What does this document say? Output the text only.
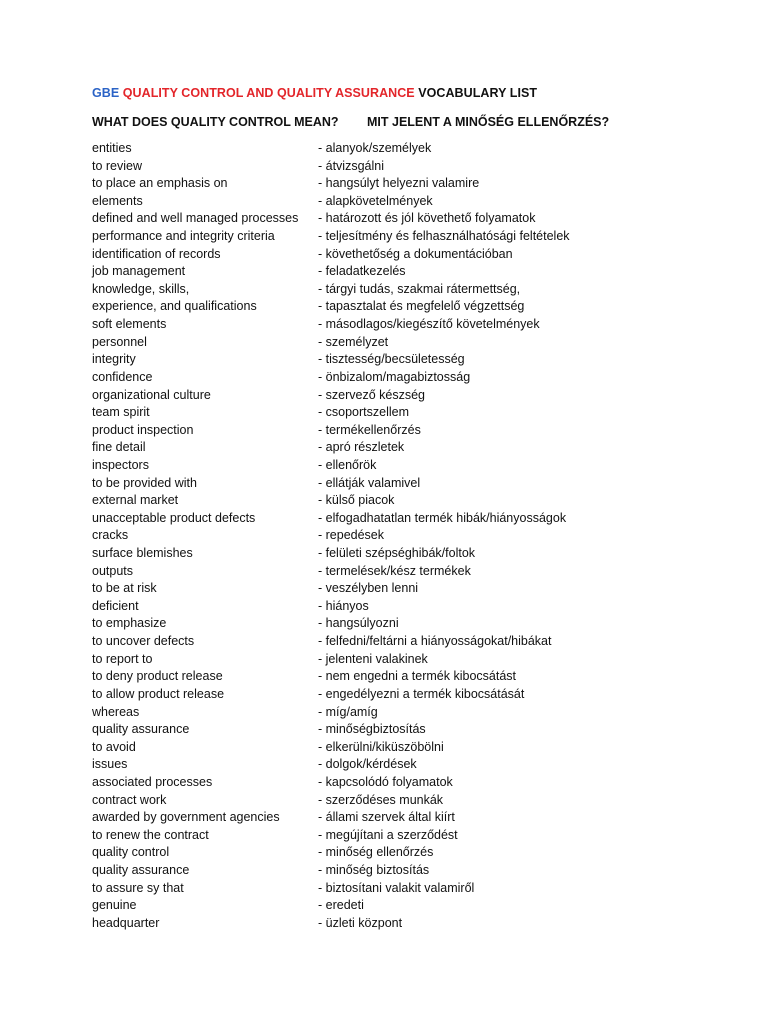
GBE QUALITY CONTROL AND QUALITY ASSURANCE VOCABULARY LIST
WHAT DOES QUALITY CONTROL MEAN? MIT JELENT A MINŐSÉG ELLENŐRZÉS?
entities	- alanyok/személyek
to review	- átvizsgálni
to place an emphasis on	- hangsúlyt helyezni valamire
elements	- alapkövetelmények
defined and well managed processes - határozott és jól követhető folyamatok
performance and integrity criteria	- teljesítmény és felhasználhatósági feltételek
identification of records	- követhetőség a dokumentációban
job management	- feladatkezelés
knowledge, skills,	- tárgyi tudás, szakmai rátermettség,
experience, and qualifications	- tapasztalat és megfelelő végzettség
soft elements	- másodlagos/kiegészítő követelmények
personnel	- személyzet
integrity	- tisztesség/becsületesség
confidence	- önbizalom/magabiztosság
organizational culture	- szervező készség
team spirit	- csoportszellem
product inspection	- termékellenőrzés
fine detail	- apró részletek
inspectors	- ellenőrök
to be provided with	- ellátják valamivel
external market	- külső piacok
unacceptable product defects	- elfogadhatatlan termék hibák/hiányosságok
cracks	- repedések
surface blemishes	- felületi szépséghibák/foltok
outputs	- termelések/kész termékek
to be at risk	- veszélyben lenni
deficient	- hiányos
to emphasize	- hangsúlyozni
to uncover defects	- felfedni/feltárni a hiányosságokat/hibákat
to report to	- jelenteni valakinek
to deny product release	- nem engedni a termék kibocsátást
to allow product release	- engedélyezni a termék kibocsátását
whereas	- míg/amíg
quality assurance	- minőségbiztosítás
to avoid	- elkerülni/kiküszöbölni
issues	- dolgok/kérdések
associated processes	- kapcsolódó folyamatok
contract work	- szerződéses munkák
awarded by government agencies	- állami szervek által kiírt
to renew the contract	- megújítani a szerződést
quality control	- minőség ellenőrzés
quality assurance	- minőség biztosítás
to assure sy that	- biztosítani valakit valamiről
genuine	- eredeti
headquarter	- üzleti központ
